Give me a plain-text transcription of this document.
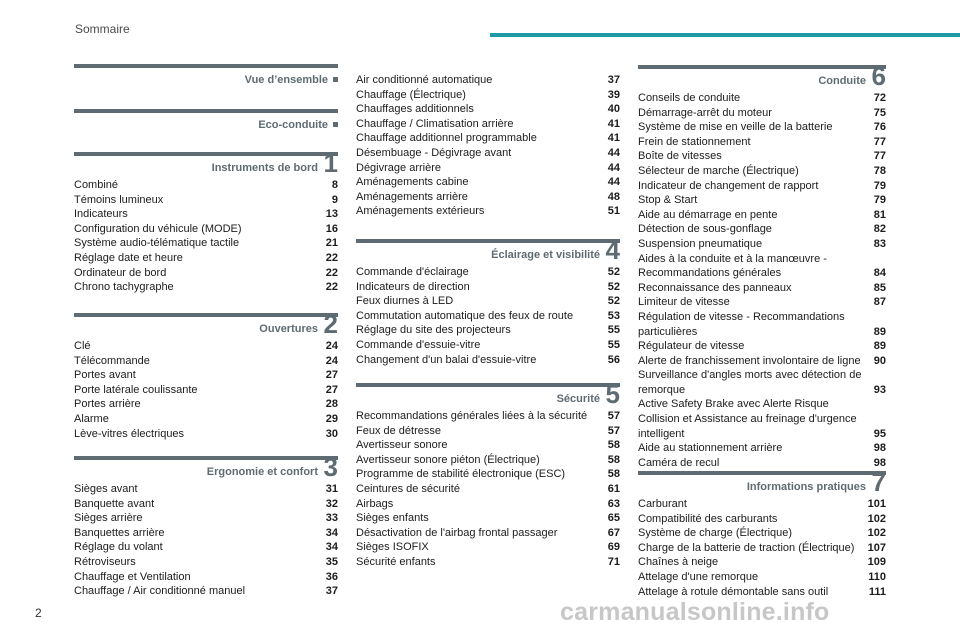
Sommaire
Vue d’ensemble
Eco-conduite
Instruments de bord 1
Combiné	8
Témoins lumineux	9
Indicateurs	13
Configuration du véhicule (MODE)	16
Système audio-télématique tactile	21
Réglage date et heure	22
Ordinateur de bord	22
Chrono tachygraphe	22
Ouvertures 2
Clé	24
Télécommande	24
Portes avant	27
Porte latérale coulissante	27
Portes arrière	28
Alarme	29
Lève-vitres électriques	30
Ergonomie et confort 3
Sièges avant	31
Banquette avant	32
Sièges arrière	33
Banquettes arrière	34
Réglage du volant	34
Rétroviseurs	35
Chauffage et Ventilation	36
Chauffage / Air conditionné manuel	37
Air conditionné automatique	37
Chauffage (Électrique)	39
Chauffages additionnels	40
Chauffage / Climatisation arrière	41
Chauffage additionnel programmable	41
Désembuage - Dégivrage avant	44
Dégivrage arrière	44
Aménagements cabine	44
Aménagements arrière	48
Aménagements extérieurs	51
Éclairage et visibilité 4
Commande d'éclairage	52
Indicateurs de direction	52
Feux diurnes à LED	52
Commutation automatique des feux de route	53
Réglage du site des projecteurs	55
Commande d'essuie-vitre	55
Changement d'un balai d'essuie-vitre	56
Sécurité 5
Recommandations générales liées à la sécurité	57
Feux de détresse	57
Avertisseur sonore	58
Avertisseur sonore piéton (Électrique)	58
Programme de stabilité électronique (ESC)	58
Ceintures de sécurité	61
Airbags	63
Sièges enfants	65
Désactivation de l'airbag frontal passager	67
Sièges ISOFIX	69
Sécurité enfants	71
Conduite 6
Conseils de conduite	72
Démarrage-arrêt du moteur	75
Système de mise en veille de la batterie	76
Frein de stationnement	77
Boîte de vitesses	77
Sélecteur de marche (Électrique)	78
Indicateur de changement de rapport	79
Stop & Start	79
Aide au démarrage en pente	81
Détection de sous-gonflage	82
Suspension pneumatique	83
Aides à la conduite et à la manœuvre - Recommandations générales	84
Reconnaissance des panneaux	85
Limiteur de vitesse	87
Régulation de vitesse - Recommandations particulières	89
Régulateur de vitesse	89
Alerte de franchissement involontaire de ligne	90
Surveillance d'angles morts avec détection de remorque	93
Active Safety Brake avec Alerte Risque Collision et Assistance au freinage d'urgence intelligent	95
Aide au stationnement arrière	98
Caméra de recul	98
Informations pratiques 7
Carburant	101
Compatibilité des carburants	102
Système de charge (Électrique)	102
Charge de la batterie de traction (Électrique)	107
Chaînes à neige	109
Attelage d'une remorque	110
Attelage à rotule démontable sans outil	111
2	carmanualsonline.info
